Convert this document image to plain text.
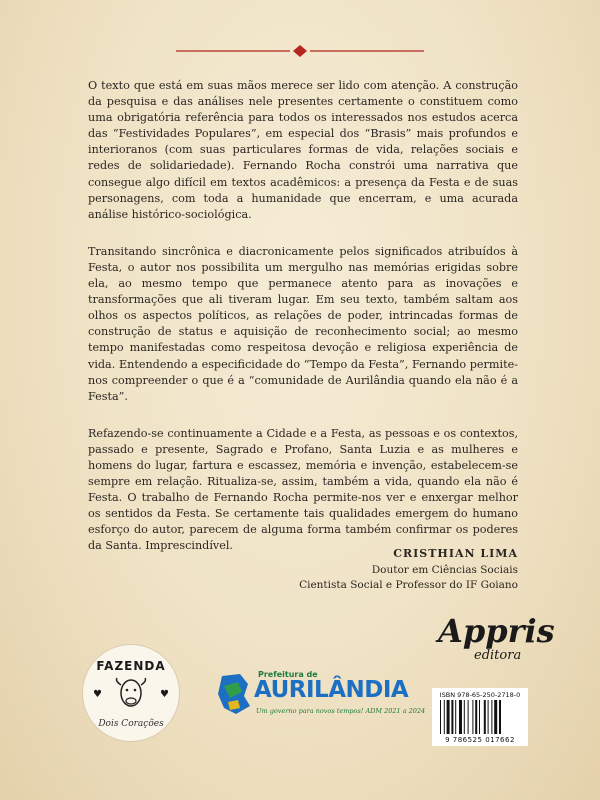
O texto que está em suas mãos merece ser lido com atenção. A construção da pesquisa e das análises nele presentes certamente o constituem como uma obrigatória referência para todos os interessados nos estudos acerca das “Festividades Populares”, em especial dos “Brasis” mais profundos e interioranos (com suas particulares formas de vida, relações sociais e redes de solidariedade). Fernando Rocha constrói uma narrativa que consegue algo difícil em textos acadêmicos: a presença da Festa e de suas personagens, com toda a humanidade que encerram, e uma acurada análise histórico-sociológica.

Transitando sincrônica e diacronicamente pelos significados atribuídos à Festa, o autor nos possibilita um mergulho nas memórias erigidas sobre ela, ao mesmo tempo que permanece atento para as inovações e transformações que ali tiveram lugar. Em seu texto, também saltam aos olhos os aspectos políticos, as relações de poder, intrincadas formas de construção de status e aquisição de reconhecimento social; ao mesmo tempo manifestadas como respeitosa devoção e religiosa experiência de vida. Entendendo a especificidade do “Tempo da Festa”, Fernando permite-nos compreender o que é a “comunidade de Aurilândia quando ela não é a Festa”.

Refazendo-se continuamente a Cidade e a Festa, as pessoas e os contextos, passado e presente, Sagrado e Profano, Santa Luzia e as mulheres e homens do lugar, fartura e escassez, memória e invenção, estabelecem-se sempre em relação. Ritualiza-se, assim, também a vida, quando ela não é Festa. O trabalho de Fernando Rocha permite-nos ver e enxergar melhor os sentidos da Festa. Se certamente tais qualidades emergem do humano esforço do autor, parecem de alguma forma também confirmar os poderes da Santa. Imprescindível.

CRISTHIAN LIMA
Doutor em Ciências Sociais
Cientista Social e Professor do IF Goiano
Appris
editora
FAZENDA
♥	♥
Dois Corações
Prefeitura de
AURILÂNDIA
Um governo para novos tempos! ADM 2021 a 2024
ISBN 978-65-250-2718-0
9 786525 017662
